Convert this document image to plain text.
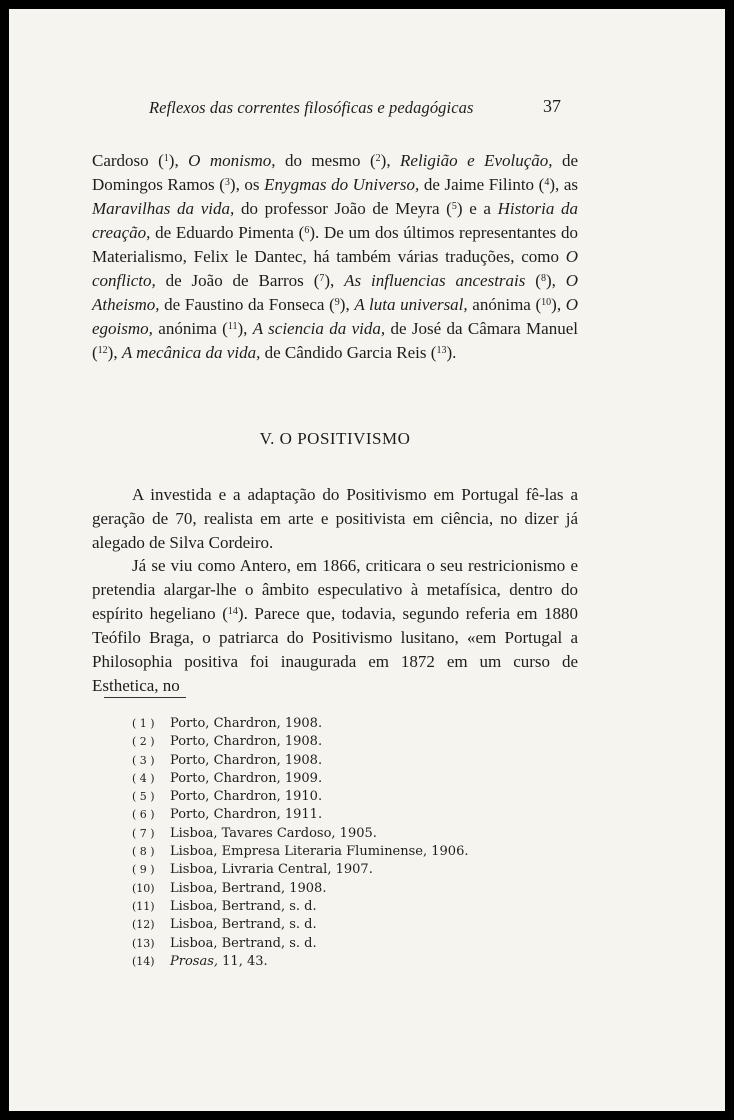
Reflexos das correntes filosóficas e pedagógicas	37

Cardoso ($^1$), O monismo, do mesmo ($^2$), Religião e Evolução, de Domingos Ramos ($^3$), os Enygmas do Universo, de Jaime Filinto ($^4$), as Maravilhas da vida, do professor João de Meyra ($^5$) e a Historia da creação, de Eduardo Pimenta ($^6$). De um dos últimos representantes do Materialismo, Felix le Dantec, há também várias traduções, como O conflicto, de João de Barros ($^7$), As influencias ancestrais ($^8$), O Atheismo, de Faustino da Fonseca ($^9$), A luta universal, anónima ($^{10}$), O egoismo, anónima ($^{11}$), A sciencia da vida, de José da Câmara Manuel ($^{12}$), A mecânica da vida, de Cândido Garcia Reis ($^{13}$).

V. O POSITIVISMO

A investida e a adaptação do Positivismo em Portugal fê-las a geração de 70, realista em arte e positivista em ciência, no dizer já alegado de Silva Cordeiro.

Já se viu como Antero, em 1866, criticara o seu restricionismo e pretendia alargar-lhe o âmbito especulativo à metafísica, dentro do espírito hegeliano ($^{14}$). Parece que, todavia, segundo referia em 1880 Teófilo Braga, o patriarca do Positivismo lusitano, «em Portugal a Philosophia positiva foi inaugurada em 1872 em um curso de Esthetica, no

( 1 )	Porto, Chardron, 1908.
( 2 )	Porto, Chardron, 1908.
( 3 )	Porto, Chardron, 1908.
( 4 )	Porto, Chardron, 1909.
( 5 )	Porto, Chardron, 1910.
( 6 )	Porto, Chardron, 1911.
( 7 )	Lisboa, Tavares Cardoso, 1905.
( 8 )	Lisboa, Empresa Literaria Fluminense, 1906.
( 9 )	Lisboa, Livraria Central, 1907.
(10)	Lisboa, Bertrand, 1908.
(11)	Lisboa, Bertrand, s. d.
(12)	Lisboa, Bertrand, s. d.
(13)	Lisboa, Bertrand, s. d.
(14)	Prosas, 11, 43.
